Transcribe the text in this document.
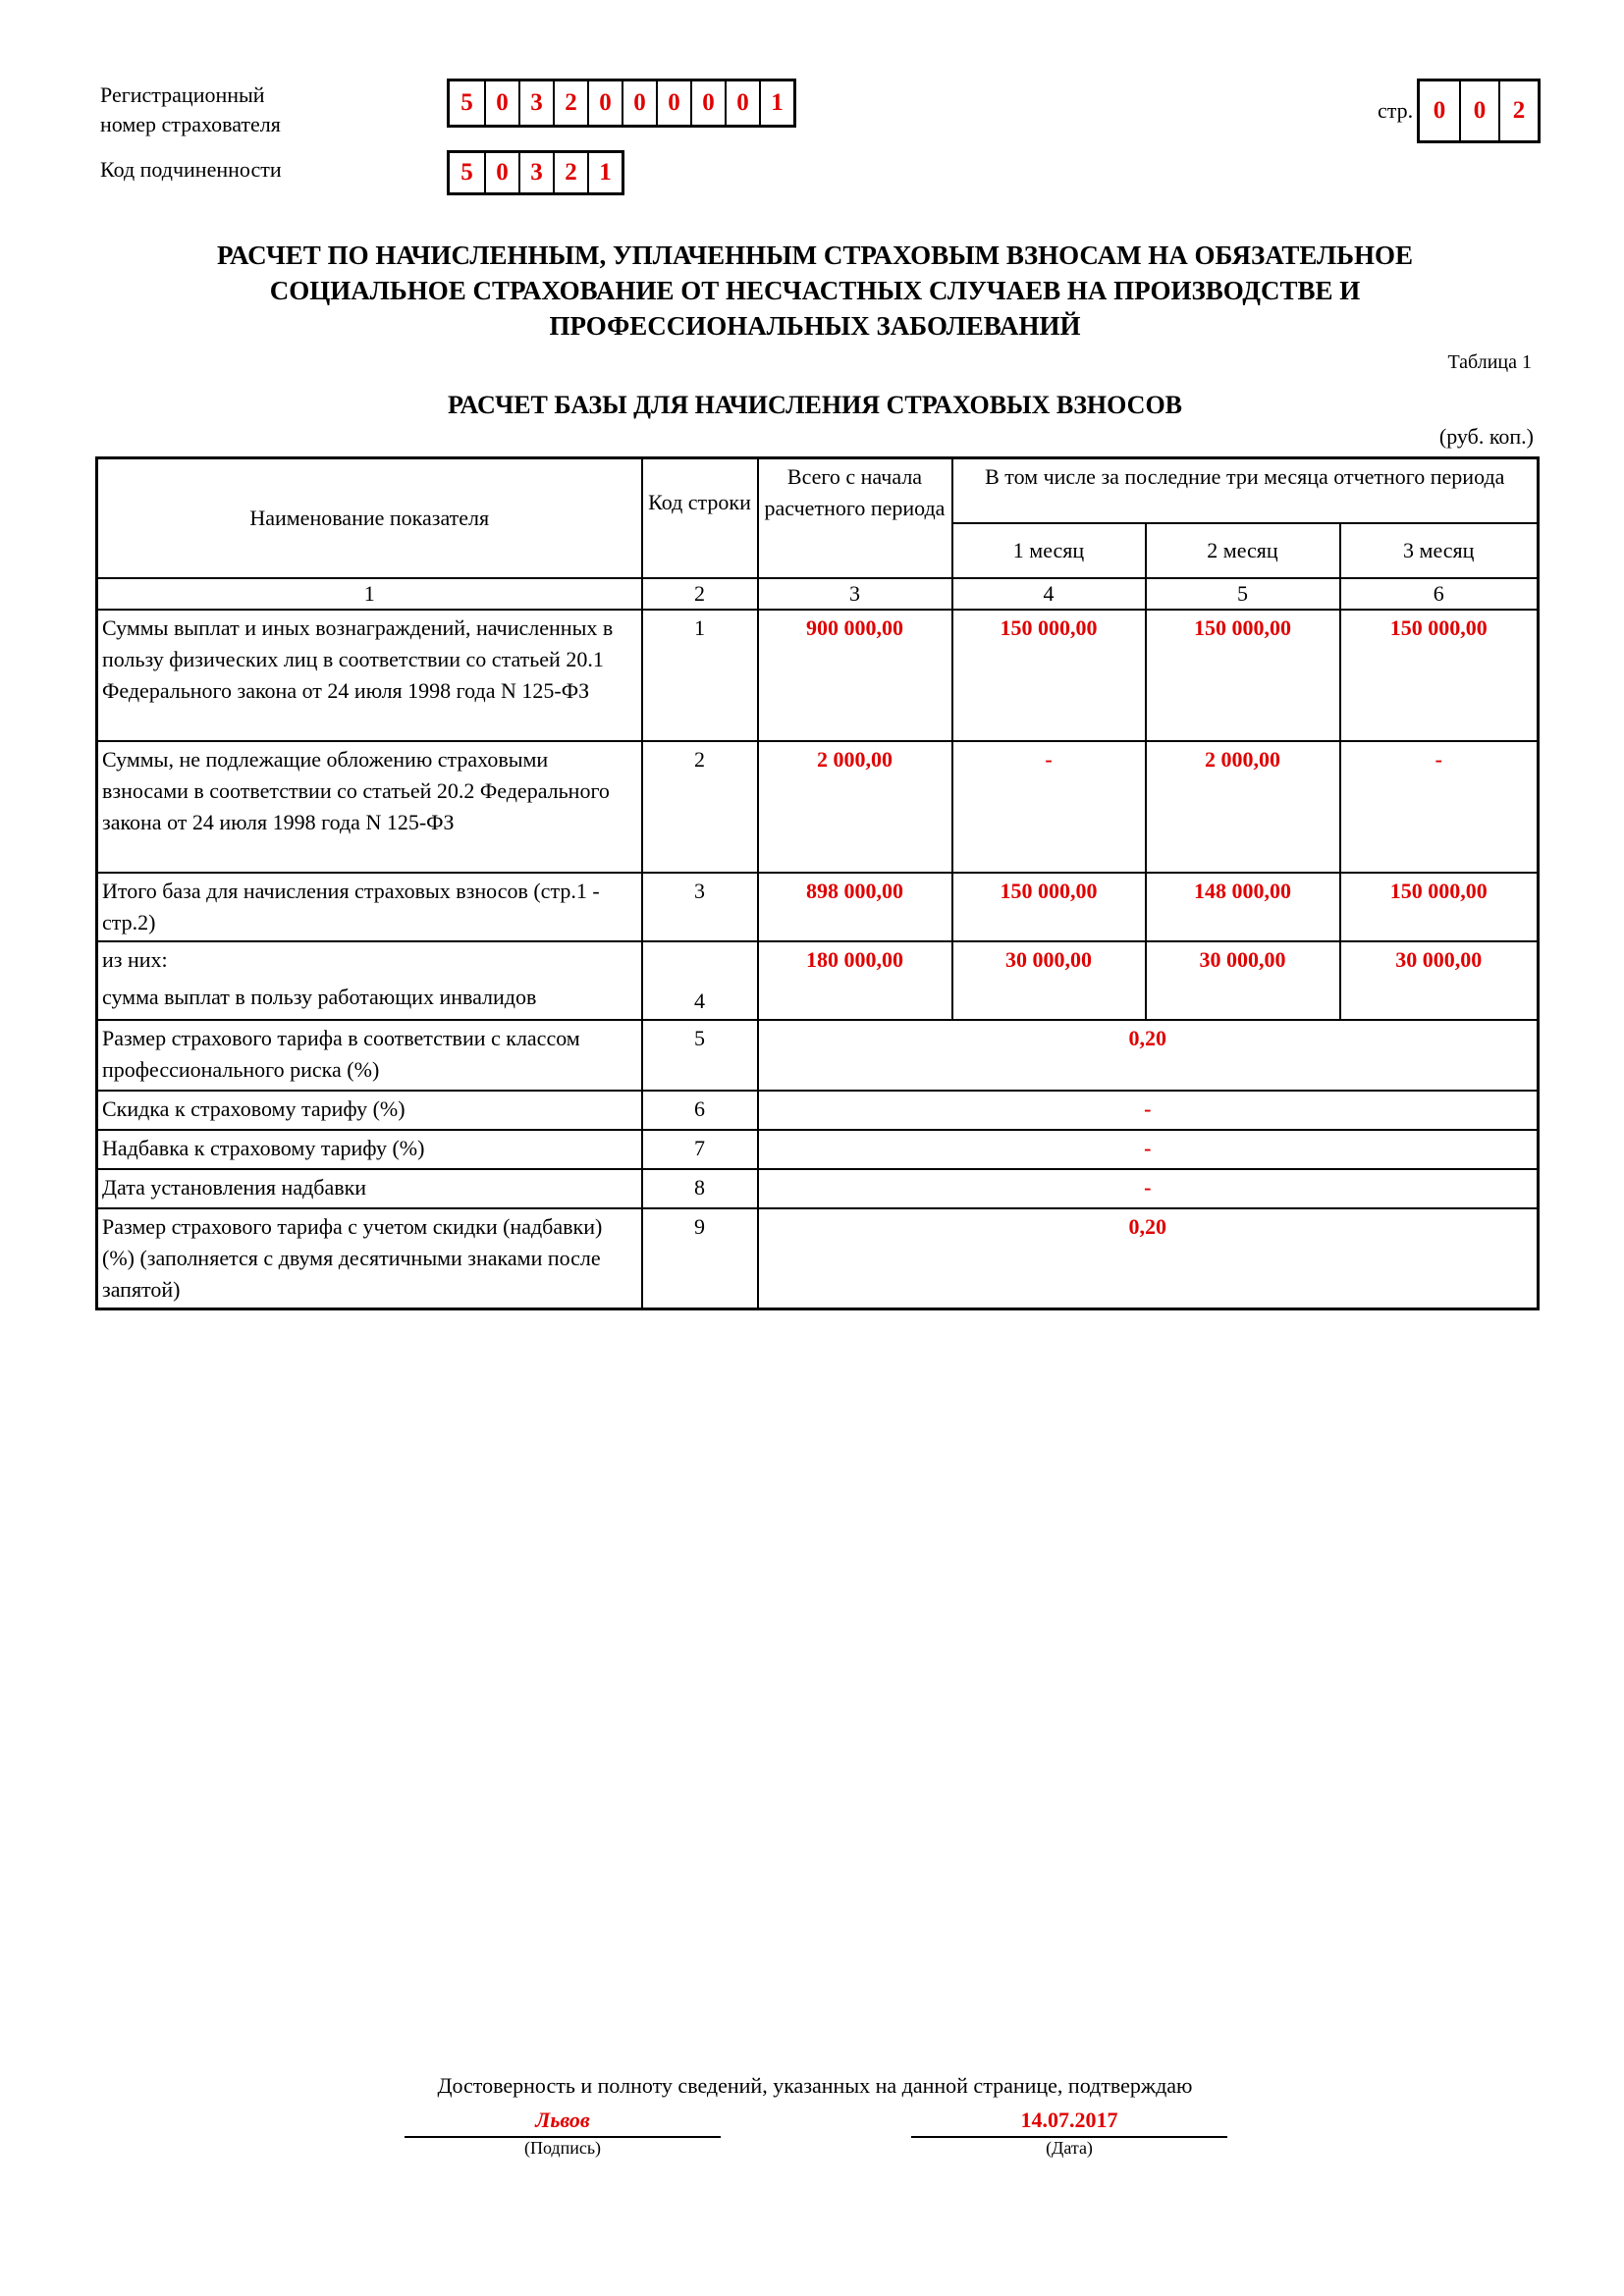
Регистрационный
номер страхователя
5 0 3 2 0 0 0 0 0 1
Код подчиненности	5 0 3 2 1
стр. 0	0	2
РАСЧЕТ ПО НАЧИСЛЕННЫМ, УПЛАЧЕННЫМ СТРАХОВЫМ ВЗНОСАМ НА ОБЯЗАТЕЛЬНОЕ
СОЦИАЛЬНОЕ СТРАХОВАНИЕ ОТ НЕСЧАСТНЫХ СЛУЧАЕВ НА ПРОИЗВОДСТВЕ И
ПРОФЕССИОНАЛЬНЫХ ЗАБОЛЕВАНИЙ
Таблица 1
РАСЧЕТ БАЗЫ ДЛЯ НАЧИСЛЕНИЯ СТРАХОВЫХ ВЗНОСОВ
(руб. коп.)
Наименование показателя	Код строки	Всего с начала расчетного периода	В том числе за последние три месяца отчетного периода		
			1 месяц	2 месяц	3 месяц
1	2	3	4	5	6
Суммы выплат и иных вознаграждений, начисленных в пользу физических лиц в соответствии со статьей 20.1 Федерального закона от 24 июля 1998 года N 125-ФЗ	1	900 000,00	150 000,00	150 000,00	150 000,00
Суммы, не подлежащие обложению страховыми взносами в соответствии со статьей 20.2 Федерального закона от 24 июля 1998 года N 125-ФЗ	2	2 000,00	-	2 000,00	-
Итого база для начисления страховых взносов (стр.1 - стр.2)	3	898 000,00	150 000,00	148 000,00	150 000,00

из них:
сумма выплат в пользу работающих инвалидов	4	180 000,00	30 000,00	30 000,00	30 000,00
Размер страхового тарифа в соответствии с классом профессионального риска (%)	5	0,20			
Скидка к страховому тарифу (%)	6	-			
Надбавка к страховому тарифу (%)	7	-			
Дата установления надбавки	8	-			
Размер страхового тарифа с учетом скидки (надбавки) (%) (заполняется с двумя десятичными знаками после запятой)	9	0,20			
Достоверность и полноту сведений, указанных на данной странице, подтверждаю
Львов
(Подпись)
14.07.2017
(Дата)
